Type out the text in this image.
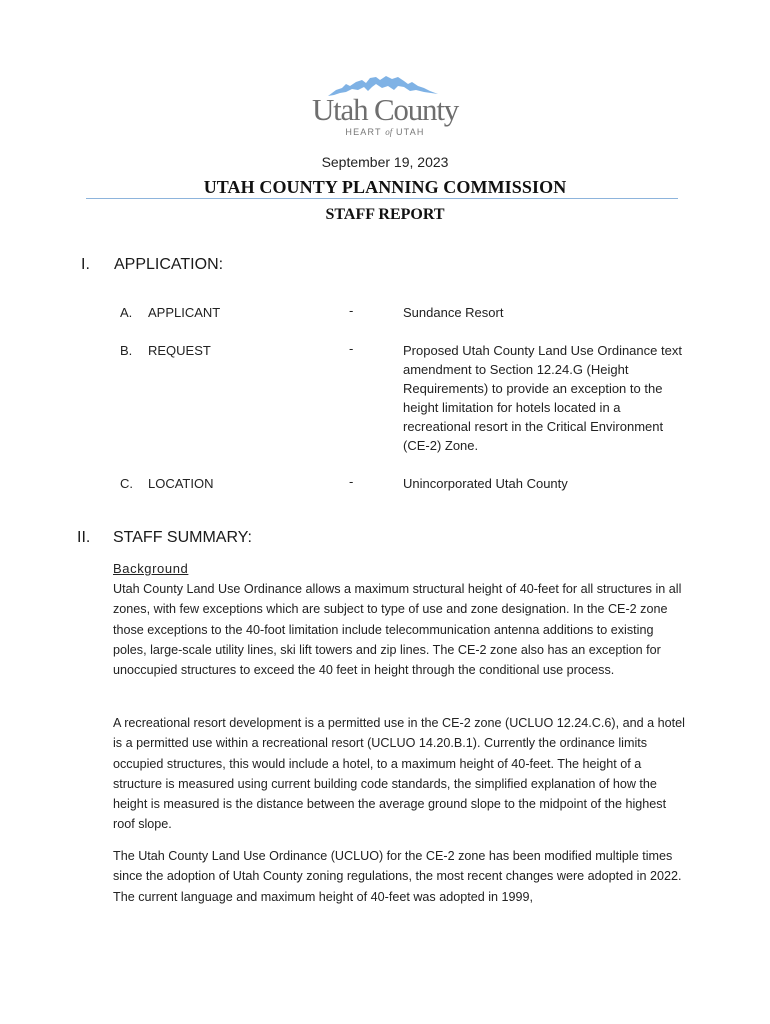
Utah County
HEART of UTAH
September 19, 2023
UTAH COUNTY PLANNING COMMISSION
STAFF REPORT
I. APPLICATION:
A. APPLICANT	-	Sundance Resort
B. REQUEST	-	Proposed Utah County Land Use Ordinance text amendment to Section 12.24.G (Height Requirements) to provide an exception to the height limitation for hotels located in a recreational resort in the Critical Environment (CE-2) Zone.
C. LOCATION	-	Unincorporated Utah County
II. STAFF SUMMARY:
Background
Utah County Land Use Ordinance allows a maximum structural height of 40-feet for all structures in all zones, with few exceptions which are subject to type of use and zone designation. In the CE-2 zone those exceptions to the 40-foot limitation include telecommunication antenna additions to existing poles, large-scale utility lines, ski lift towers and zip lines. The CE-2 zone also has an exception for unoccupied structures to exceed the 40 feet in height through the conditional use process.
A recreational resort development is a permitted use in the CE-2 zone (UCLUO 12.24.C.6), and a hotel is a permitted use within a recreational resort (UCLUO 14.20.B.1). Currently the ordinance limits occupied structures, this would include a hotel, to a maximum height of 40-feet. The height of a structure is measured using current building code standards, the simplified explanation of how the height is measured is the distance between the average ground slope to the midpoint of the highest roof slope.
The Utah County Land Use Ordinance (UCLUO) for the CE-2 zone has been modified multiple times since the adoption of Utah County zoning regulations, the most recent changes were adopted in 2022. The current language and maximum height of 40-feet was adopted in 1999,
